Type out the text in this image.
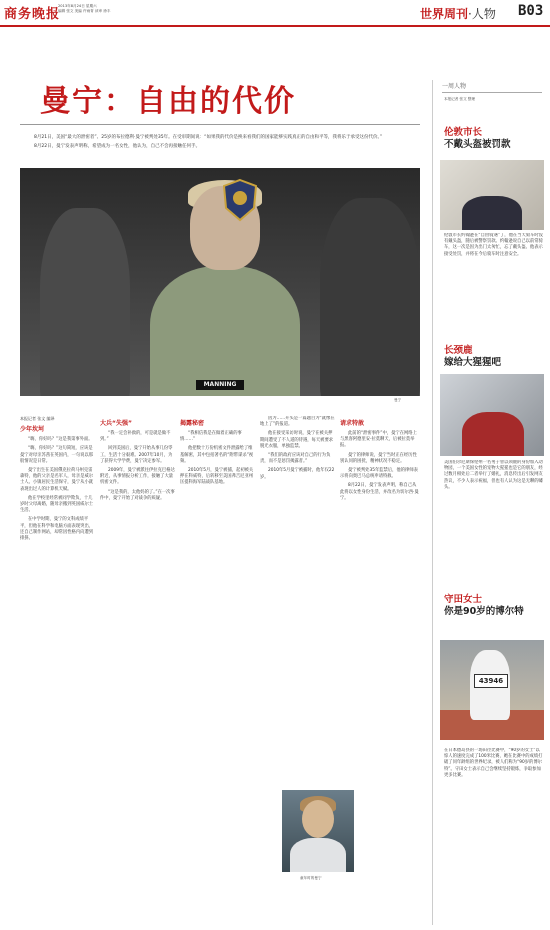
商务晚报
2013年8月24日 星期六
编辑 张文 美编 许雨青 读审 徐丰	世界周刊·人物 B03
曼宁：自由的代价
8月21日，美国“最大的泄密者”、25岁的布拉德利·曼宁被判处35年。在受审期间说：“如果我的代价是换来看我们的国家能够实践真正的自由和平等，我将乐于承受这份代价。”
8月22日，曼宁发表声明称，希望成为一名女性，他认为，自己不会再接触任何手。
MANNING
曼宁

本报记者 张文 编译

少年坎坷

“嗨，你好吗？”这是我第事外面。

“嗨，你好吗？”这句简短，应该是曼宁对母亲苏茜在英国内，一句说以那般情况是日常。

曼宁出生在美国俄克拉荷马州克雷森特，他的父亲是名军人，母亲是威尔士人。小镇居民生活保守，曼宁从小就表现出过人的计算机天赋。

他在学校里经常被同学欺负，十几岁时父母离婚，随母亲搬到英国威尔士生活。

在中学时期，曼宁的文科成绩平平，但他在科学和电脑方面表现突出，还自己制作网站，却常因性格内向遭到排挤。

大兵“失强”

“我一定会补救的，可是就是做不到。”

回到美国后，曼宁开始从事几份零工，生活十分艰难。2007年10月，为了获得大学学费，曼宁决定参军。

2009年，曼宁被派往伊拉克巴格达附近，从事情报分析工作，接触了大量机密文件。

“这是我的，太他妈的了。”在一次事件中，曼宁开始了对战争的质疑。

揭露秘密

“我相信我是在做着正确的事情……”

他把数十万份机密文件泄露给了维基解密，其中包括著名的“附带谋杀”视频。

2010年5月，曼宁被捕，起初被关押在科威特，后转移至美国弗吉尼亚州匡提科海军陆战队基地。

因为……开头是一篇题目为“就像在地上了”的报道。

他在接受采访时说，曼宁在被关押期间遭受了不人道的待遇，每天被要求脱光衣服，单独监禁。

“我们的政府应该对自己的行为负责，而不是惩罚揭露者。”

2010年5月曼宁被捕时，他年仅22岁。

请求特赦

此前的“泄密事件”中，曼宁在网络上与黑客阿德里安·拉莫聊天，后被拉莫举报。

曼宁的律师说，曼宁当时正在经历性别认同的困扰，精神状况不稳定。

曼宁被判处35年监禁后，他的律师表示将向奥巴马总统申请特赦。

8月22日，曼宁发表声明，称自己从此将以女性身份生活，并改名为切尔西·曼宁。

童年时的曼宁
一周人物
本报记者 张文 整理
伦敦市长
不戴头盔被罚款
伦敦市长约翰逊在“自由骑遇”了，他在当天骑车时没有戴头盔，随后被警察罚款。约翰逊说自己以前常骑车，这一次是因为出门太匆忙，忘了戴头盔。他表示接受处罚，并将在今后骑车时注意安全。
长颈鹿
嫁给大猩猩吧
美国伯尔尼斯保伦州一名男子曾以颈鹿的身份加入动物园，一个美国女性的宠物大猩猩也是它的朋友，经过数月相处后二者举行了婚礼，消息传出后引发网友热议，不少人表示祝福，但也有人认为这是无聊的噱头。
守田女士
你是90岁的博尔特
43946
在日本德岛县的一场田径比赛中，“90岁的女士”以惊人的速度完成了100米比赛，她在比赛中的成绩打破了同年龄组的世界纪录，被人们称为“90岁的博尔特”。守田女士表示自己会继续坚持锻炼，争取参加更多比赛。
